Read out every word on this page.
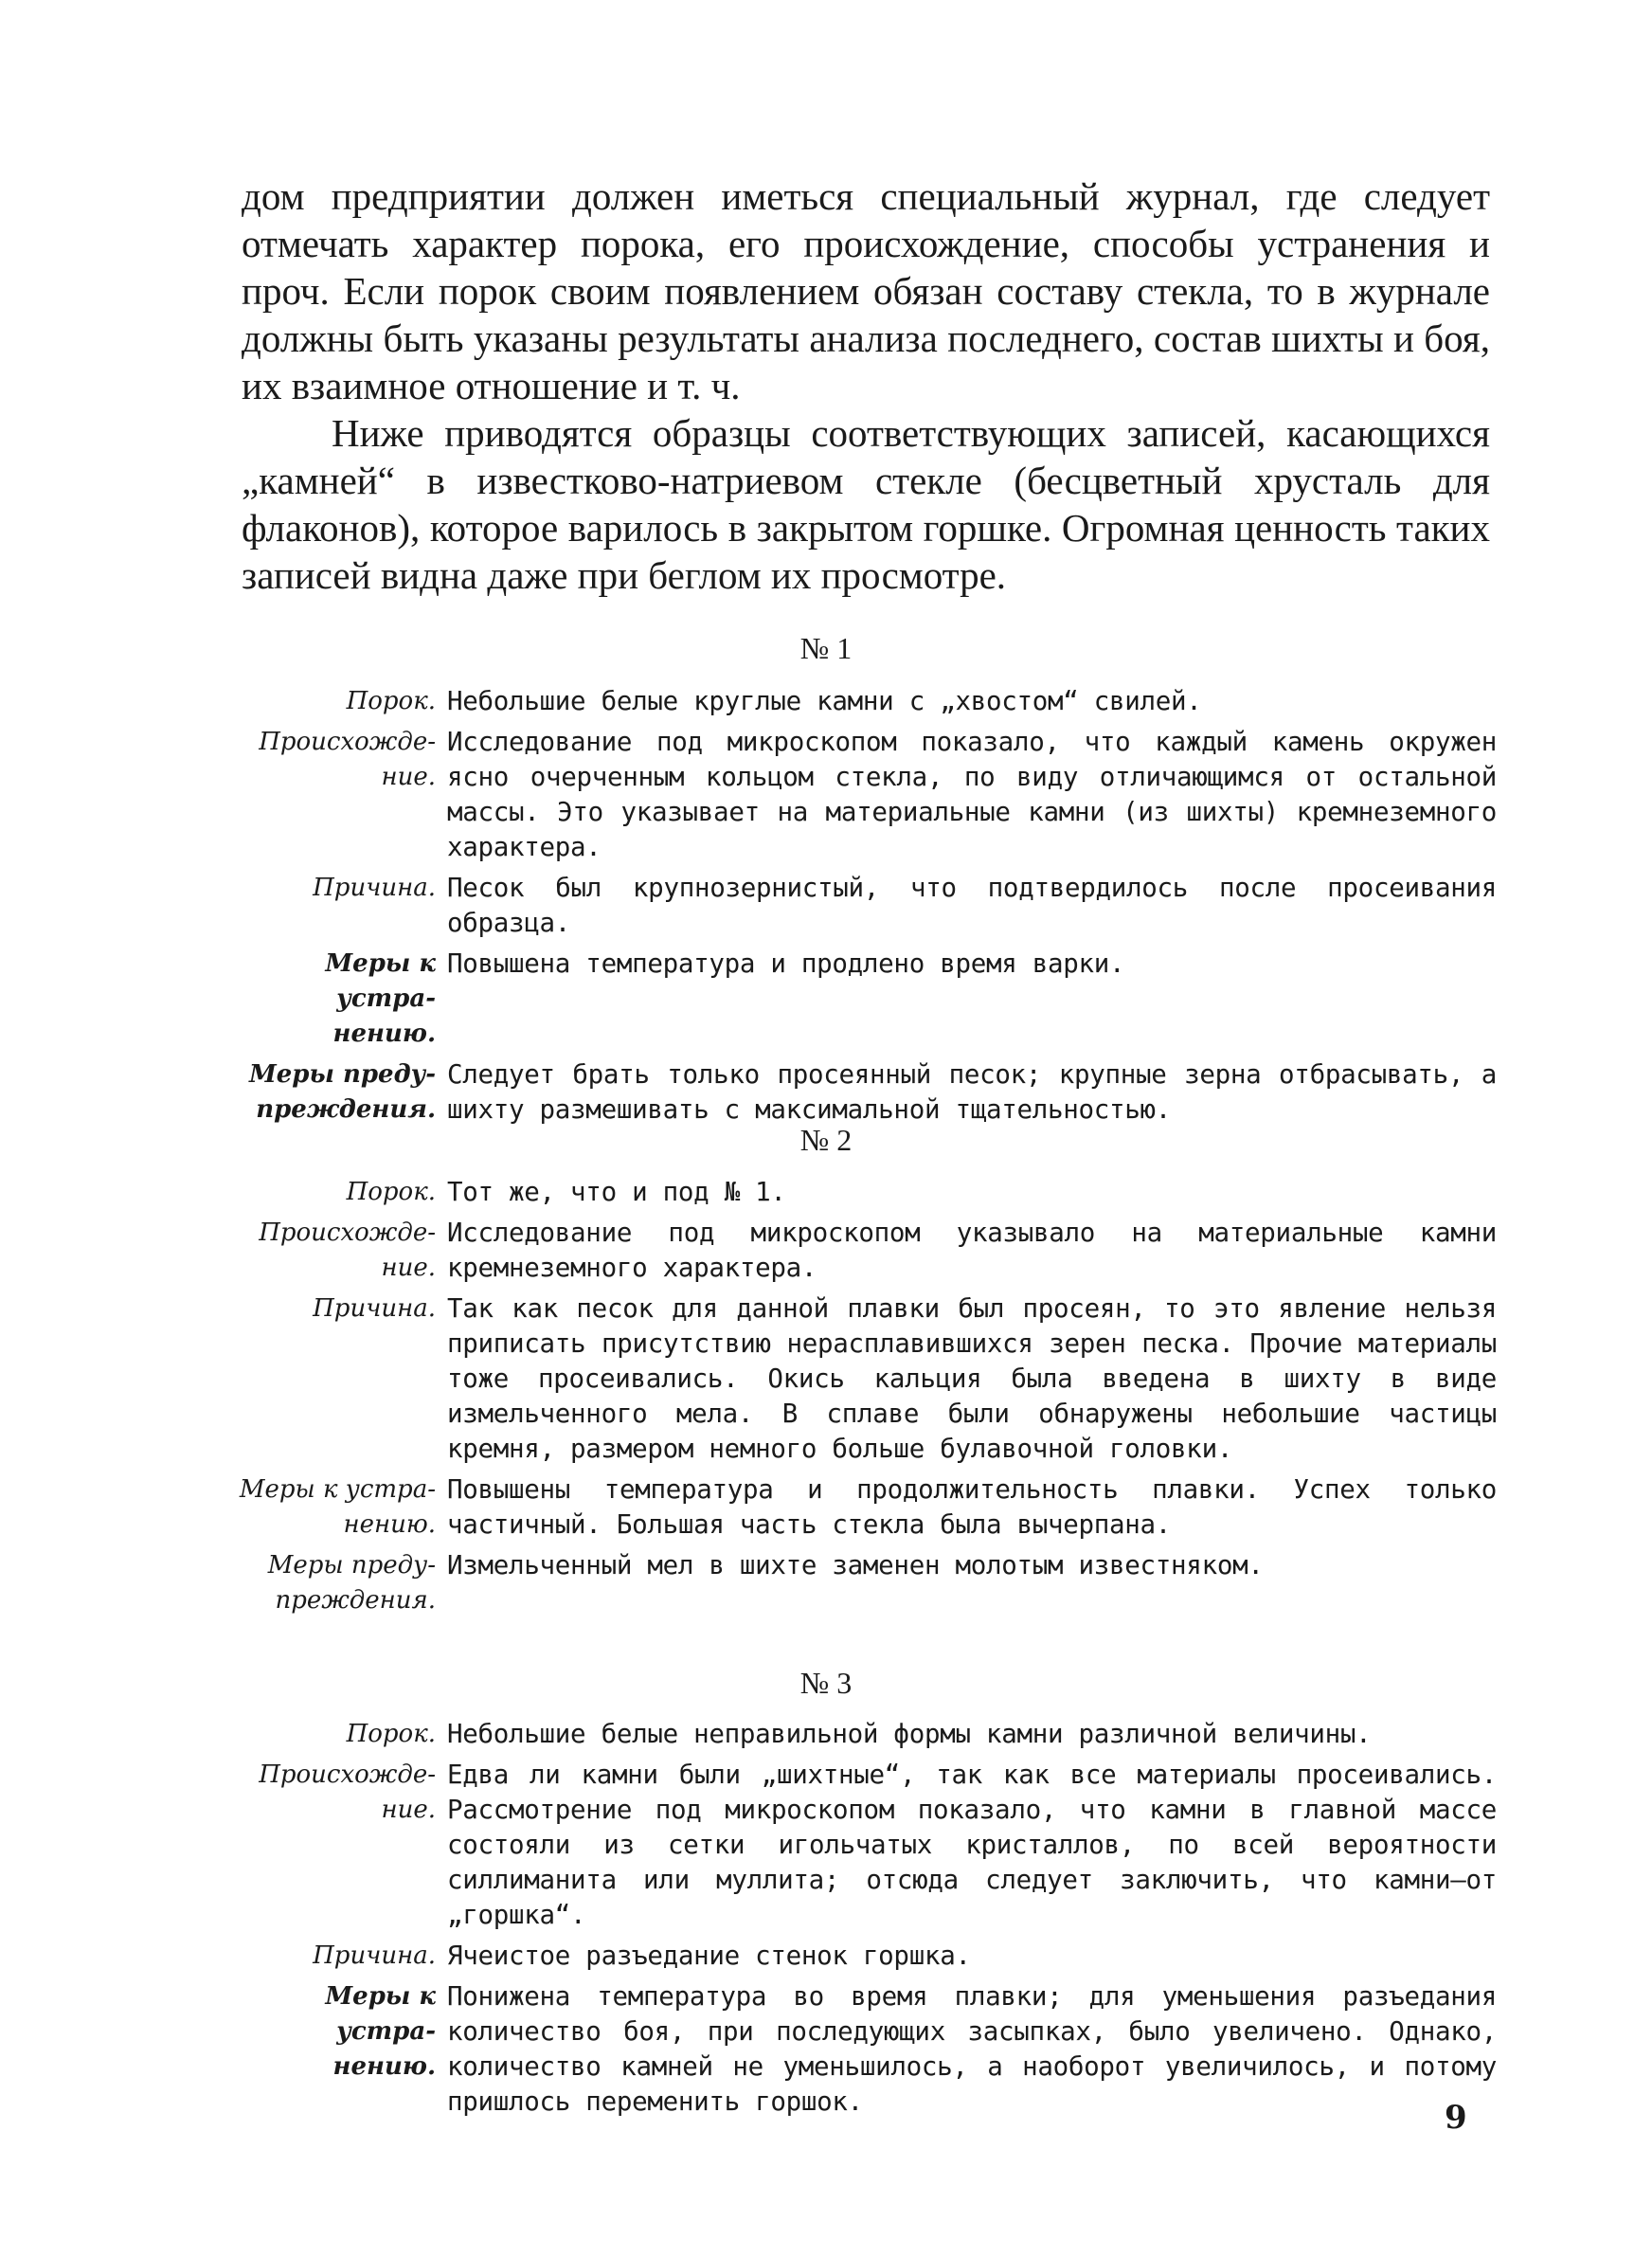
дом предприятии должен иметься специальный журнал, где следует отмечать характер порока, его происхождение, способы устранения и проч. Если порок своим появлением обязан составу стекла, то в журнале должны быть указаны результаты анализа последнего, состав шихты и боя, их взаимное отношение и т. ч.

Ниже приводятся образцы соответствующих записей, касающихся „камней“ в известково-натриевом стекле (бесцветный хрусталь для флаконов), которое варилось в закрытом горшке. Огромная ценность таких записей видна даже при беглом их просмотре.

№ 1
Порок. Небольшие белые круглые камни с „хвостом“ свилей.
Происхожде-
ние.
Исследование под микроскопом показало, что каждый камень окружен ясно очерченным кольцом стекла, по виду отличающимся от остальной массы. Это указывает на материальные камни (из шихты) кремнеземного характера.
Причина. Песок был крупнозернистый, что подтвердилось после просеивания образца.
Меры к устра-
нению.
Повышена температура и продлено время варки.
Меры преду-
преждения.
Следует брать только просеянный песок; крупные зерна отбрасывать, а шихту размешивать с максимальной тщательностью.
№ 2
Порок. Тот же, что и под № 1.
Происхожде-
ние.
Исследование под микроскопом указывало на материальные камни кремнеземного характера.
Причина. Так как песок для данной плавки был просеян, то это явление нельзя приписать присутствию нерасплавившихся зерен песка. Прочие материалы тоже просеивались. Окись кальция была введена в шихту в виде измельченного мела. В сплаве были обнаружены небольшие частицы кремня, размером немного больше булавочной головки.
Меры к устра-
нению.
Повышены температура и продолжительность плавки. Успех только частичный. Большая часть стекла была вычерпана.
Меры преду-
преждения.
Измельченный мел в шихте заменен молотым известняком.
№ 3
Порок. Небольшие белые неправильной формы камни различной величины.
Происхожде-
ние.
Едва ли камни были „шихтные“, так как все материалы просеивались. Рассмотрение под микроскопом показало, что камни в главной массе состояли из сетки игольчатых кристаллов, по всей вероятности силлиманита или муллита; отсюда следует заключить, что камни—от „горшка“.
Причина. Ячеистое разъедание стенок горшка.
Меры к устра-
нению.
Понижена температура во время плавки; для уменьшения разъедания количество боя, при последующих засыпках, было увеличено. Однако, количество камней не уменьшилось, а наоборот увеличилось, и потому пришлось переменить горшок.	9
